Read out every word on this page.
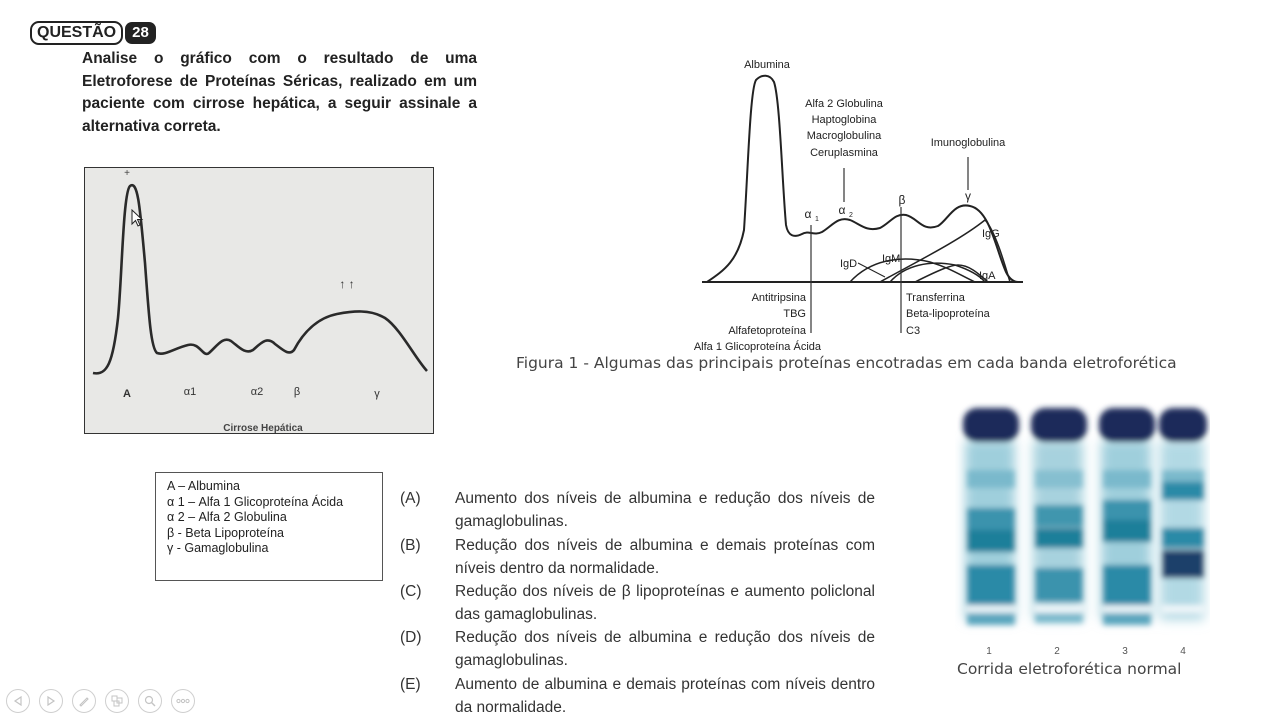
QUESTÃO	28
Analise o gráfico com o resultado de uma Eletroforese de Proteínas Séricas, realizado em um paciente com cirrose hepática, a seguir assinale a alternativa correta.
+
↑ ↑
A	α1	α2	β	γ
Cirrose Hepática
A – Albumina
α 1 – Alfa 1 Glicoproteína Ácida
α 2 – Alfa 2 Globulina
β - Beta Lipoproteína
γ - Gamaglobulina
(A)	Aumento dos níveis de albumina e redução dos níveis de gamaglobulinas.
(B)	Redução dos níveis de albumina e demais proteínas com níveis dentro da normalidade.
(C)	Redução dos níveis de β lipoproteínas e aumento policlonal das gamaglobulinas.
(D)	Redução dos níveis de albumina e redução dos níveis de gamaglobulinas.
(E)	Aumento de albumina e demais proteínas com níveis dentro da normalidade.
Albumina
Alfa 2 Globulina
Haptoglobina
Macroglobulina
Ceruplasmina
Imunoglobulina
α 1
α 2
β	γ
IgG
IgD IgM
IgA
Antitripsina
TBG
Alfafetoproteína
Alfa 1 Glicoproteína Ácida
Transferrina
Beta-lipoproteína
C3
Figura 1 - Algumas das principais proteínas encotradas em cada banda eletroforética
1	2	3	4
Corrida eletroforética normal
